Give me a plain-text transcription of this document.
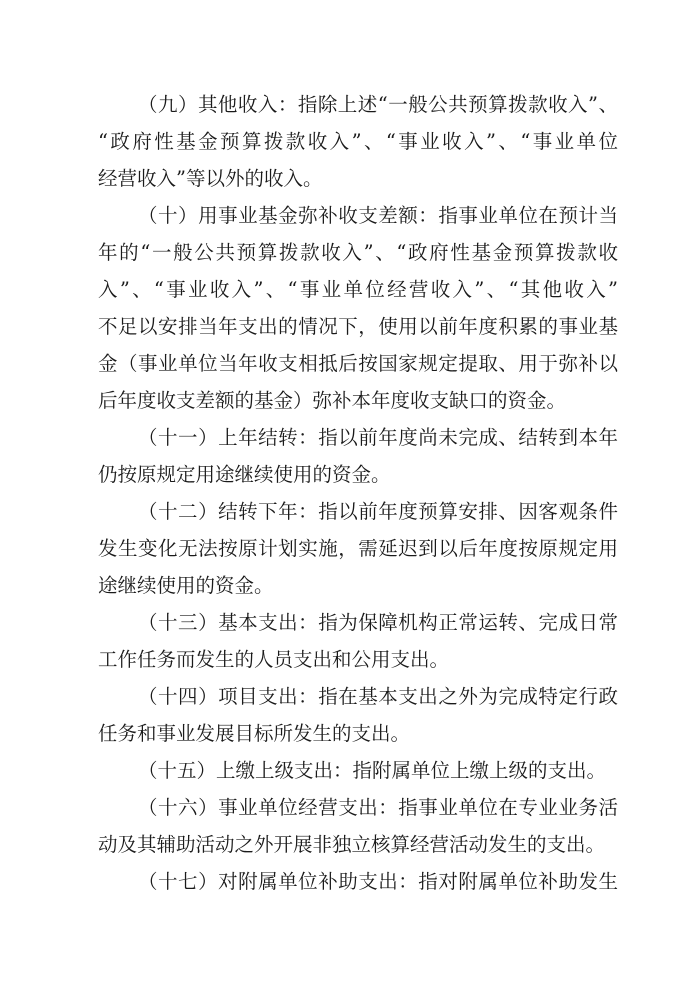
（九）其他收入：指除上述“一般公共预算拨款收入”、
“政府性基金预算拨款收入”、“事业收入”、“事业单位
经营收入”等以外的收入。
（十）用事业基金弥补收支差额：指事业单位在预计当
年的“一般公共预算拨款收入”、“政府性基金预算拨款收
入”、“事业收入”、“事业单位经营收入”、“其他收入”
不足以安排当年支出的情况下，使用以前年度积累的事业基
金（事业单位当年收支相抵后按国家规定提取、用于弥补以
后年度收支差额的基金）弥补本年度收支缺口的资金。
（十一）上年结转：指以前年度尚未完成、结转到本年
仍按原规定用途继续使用的资金。
（十二）结转下年：指以前年度预算安排、因客观条件
发生变化无法按原计划实施，需延迟到以后年度按原规定用
途继续使用的资金。
（十三）基本支出：指为保障机构正常运转、完成日常
工作任务而发生的人员支出和公用支出。
（十四）项目支出：指在基本支出之外为完成特定行政
任务和事业发展目标所发生的支出。
（十五）上缴上级支出：指附属单位上缴上级的支出。
（十六）事业单位经营支出：指事业单位在专业业务活
动及其辅助活动之外开展非独立核算经营活动发生的支出。
（十七）对附属单位补助支出：指对附属单位补助发生
